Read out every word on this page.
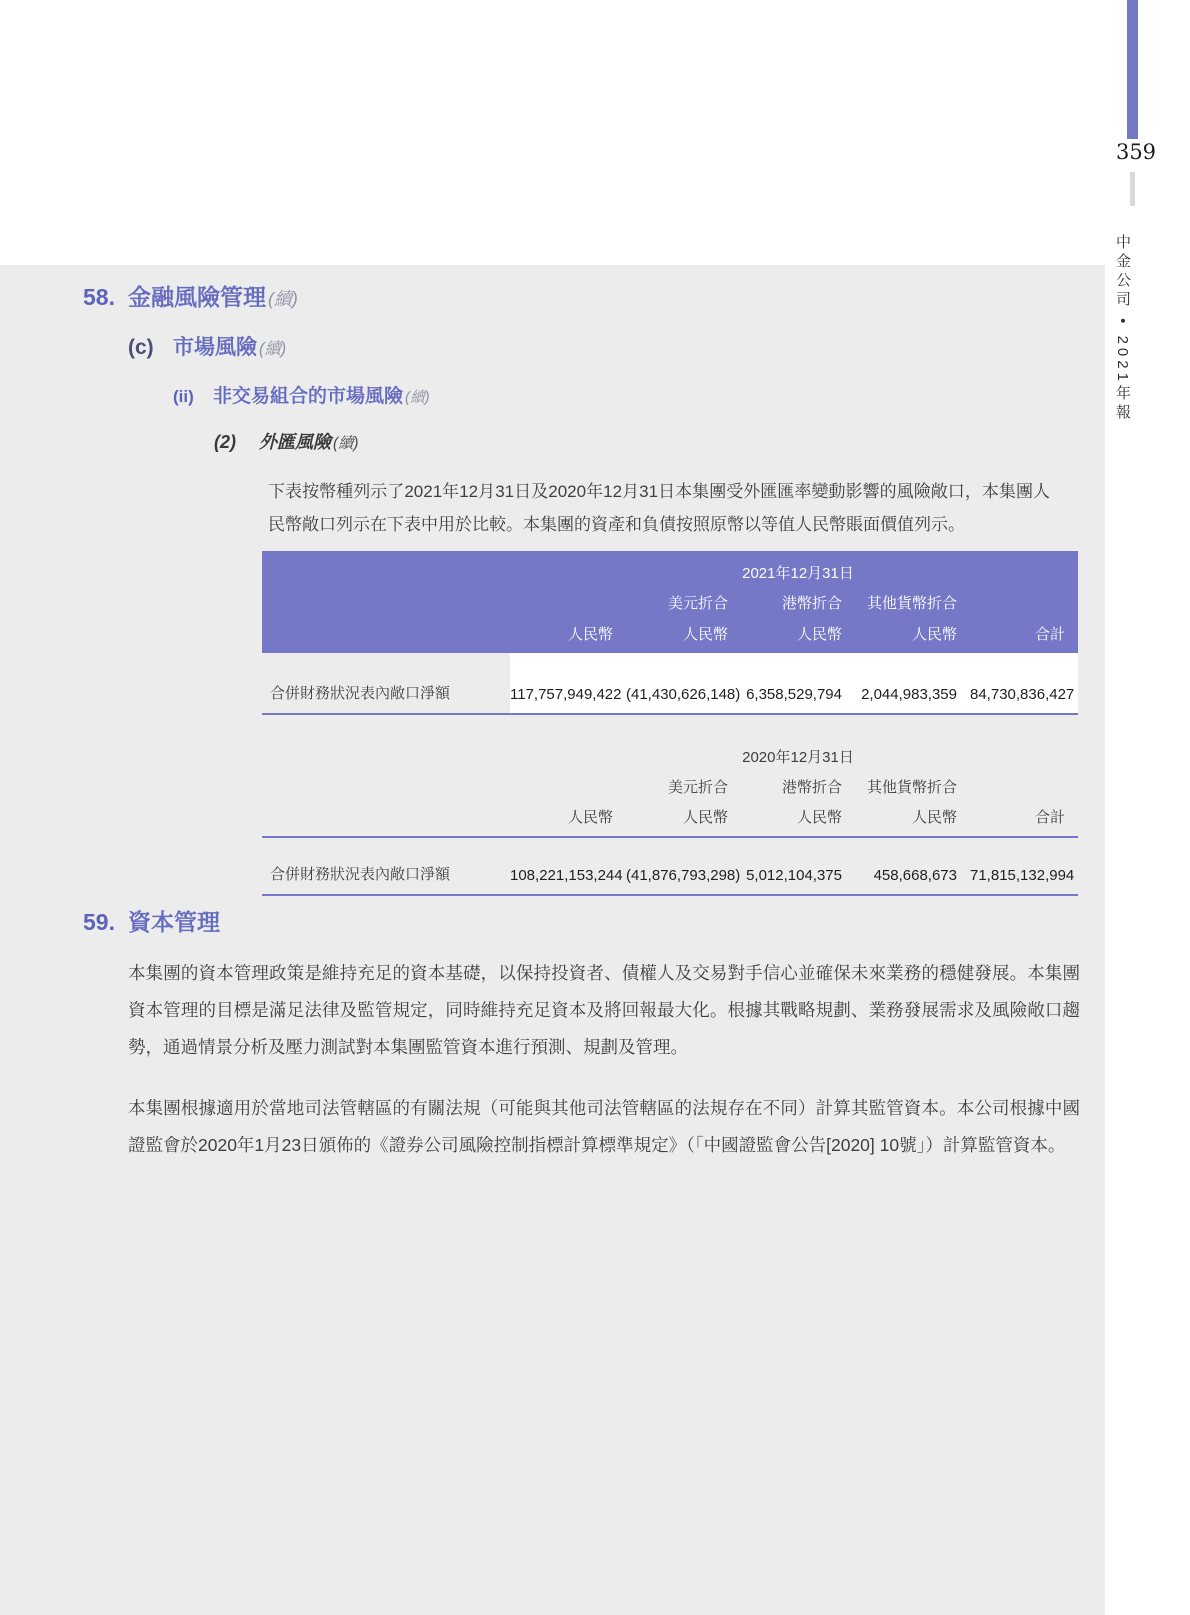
359
中金公司 • 2021年報
58. 金融風險管理 (續)
(c) 市場風險 (續)
(ii)	非交易組合的市場風險 (續)
(2)	外匯風險 (續)

下表按幣種列示了2021年12月31日及2020年12月31日本集團受外匯匯率變動影響的風險敞口，本集團人民幣敞口列示在下表中用於比較。本集團的資產和負債按照原幣以等值人民幣賬面價值列示。

		2021年12月31日			
		美元折合	港幣折合	其他貨幣折合	
	人民幣	人民幣	人民幣	人民幣	合計
合併財務狀況表內敞口淨額	117,757,949,422	(41,430,626,148)	6,358,529,794	2,044,983,359	84,730,836,427
		2020年12月31日			
		美元折合	港幣折合	其他貨幣折合	
	人民幣	人民幣	人民幣	人民幣	合計
合併財務狀況表內敞口淨額	108,221,153,244	(41,876,793,298)	5,012,104,375	458,668,673	71,815,132,994
59. 資本管理

本集團的資本管理政策是維持充足的資本基礎，以保持投資者、債權人及交易對手信心並確保未來業務的穩健發展。本集團資本管理的目標是滿足法律及監管規定，同時維持充足資本及將回報最大化。根據其戰略規劃、業務發展需求及風險敞口趨勢，通過情景分析及壓力測試對本集團監管資本進行預測、規劃及管理。

本集團根據適用於當地司法管轄區的有關法規（可能與其他司法管轄區的法規存在不同）計算其監管資本。本公司根據中國證監會於2020年1月23日頒佈的《證券公司風險控制指標計算標準規定》（「中國證監會公告[2020] 10號」）計算監管資本。
